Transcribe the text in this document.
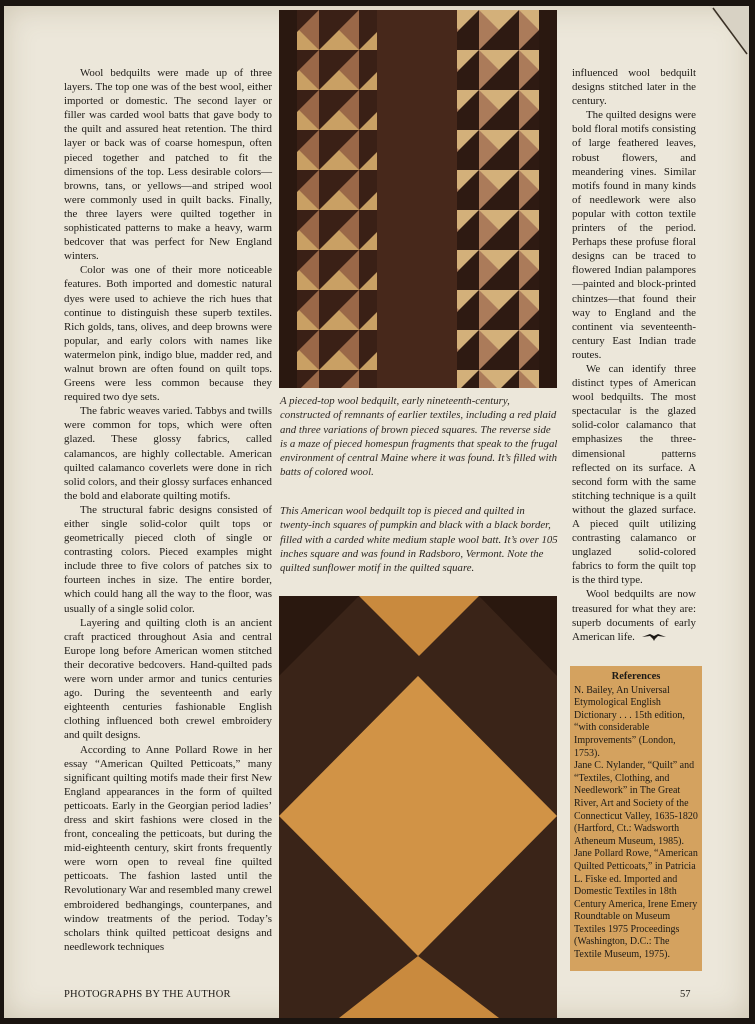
Wool bedquilts were made up of three layers. The top one was of the best wool, either imported or domestic. The second layer or filler was carded wool batts that gave body to the quilt and assured heat retention. The third layer or back was of coarse homespun, often pieced together and patched to fit the dimensions of the top. Less desirable colors—browns, tans, or yellows—and striped wool were commonly used in quilt backs. Finally, the three layers were quilted together in sophisticated patterns to make a heavy, warm bedcover that was perfect for New England winters.

Color was one of their more noticeable features. Both imported and domestic natural dyes were used to achieve the rich hues that continue to distinguish these superb textiles. Rich golds, tans, olives, and deep browns were popular, and early colors with names like watermelon pink, indigo blue, madder red, and walnut brown are often found on quilt tops. Greens were less common because they required two dye sets.

The fabric weaves varied. Tabbys and twills were common for tops, which were often glazed. These glossy fabrics, called calamancos, are highly collectable. American quilted calamanco coverlets were done in rich solid colors, and their glossy surfaces enhanced the bold and elaborate quilting motifs.

The structural fabric designs consisted of either single solid-color quilt tops or geometrically pieced cloth of single or contrasting colors. Pieced examples might include three to five colors of patches six to fourteen inches in size. The entire border, which could hang all the way to the floor, was usually of a single solid color.

Layering and quilting cloth is an ancient craft practiced throughout Asia and central Europe long before American women stitched their decorative bedcovers. Hand-quilted pads were worn under armor and tunics centuries ago. During the seventeenth and early eighteenth centuries fashionable English clothing influenced both crewel embroidery and quilt designs.

According to Anne Pollard Rowe in her essay “American Quilted Petticoats,” many significant quilting motifs made their first New England appearances in the form of quilted petticoats. Early in the Georgian period ladies’ dress and skirt fashions were closed in the front, concealing the petticoats, but during the mid-eighteenth century, skirt fronts frequently were worn open to reveal fine quilted petticoats. The fashion lasted until the Revolutionary War and resembled many crewel embroidered bedhangings, counterpanes, and window treatments of the period. Today’s scholars think quilted petticoat designs and needlework techniques

A pieced-top wool bedquilt, early nineteenth-century, constructed of remnants of earlier textiles, including a red plaid and three variations of brown pieced squares. The reverse side is a maze of pieced homespun fragments that speak to the frugal environment of central Maine where it was found. It’s filled with batts of colored wool.
This American wool bedquilt top is pieced and quilted in twenty-inch squares of pumpkin and black with a black border, filled with a carded white medium staple wool batt. It’s over 105 inches square and was found in Radsboro, Vermont. Note the quilted sunflower motif in the quilted square.

influenced wool bedquilt designs stitched later in the century.

The quilted designs were bold floral motifs consisting of large feathered leaves, robust flowers, and meandering vines. Similar motifs found in many kinds of needlework were also popular with cotton textile printers of the period. Perhaps these profuse floral designs can be traced to flowered Indian palampores—painted and block-printed chintzes—that found their way to England and the continent via seventeenth-century East Indian trade routes.

We can identify three distinct types of American wool bedquilts. The most spectacular is the glazed solid-color calamanco that emphasizes the three-dimensional patterns reflected on its surface. A second form with the same stitching technique is a quilt without the glazed surface. A pieced quilt utilizing contrasting calamanco or unglazed solid-colored fabrics to form the quilt top is the third type.

Wool bedquilts are now treasured for what they are: superb documents of early American life.

References

N. Bailey, An Universal Etymological English Dictionary . . . 15th edition, “with considerable Improvements” (London, 1753).

Jane C. Nylander, “Quilt” and “Textiles, Clothing, and Needlework” in The Great River, Art and Society of the Connecticut Valley, 1635-1820 (Hartford, Ct.: Wadsworth Atheneum Museum, 1985).

Jane Pollard Rowe, “American Quilted Petticoats,” in Patricia L. Fiske ed. Imported and Domestic Textiles in 18th Century America, Irene Emery Roundtable on Museum Textiles 1975 Proceedings (Washington, D.C.: The Textile Museum, 1975).

PHOTOGRAPHS BY THE AUTHOR	57
